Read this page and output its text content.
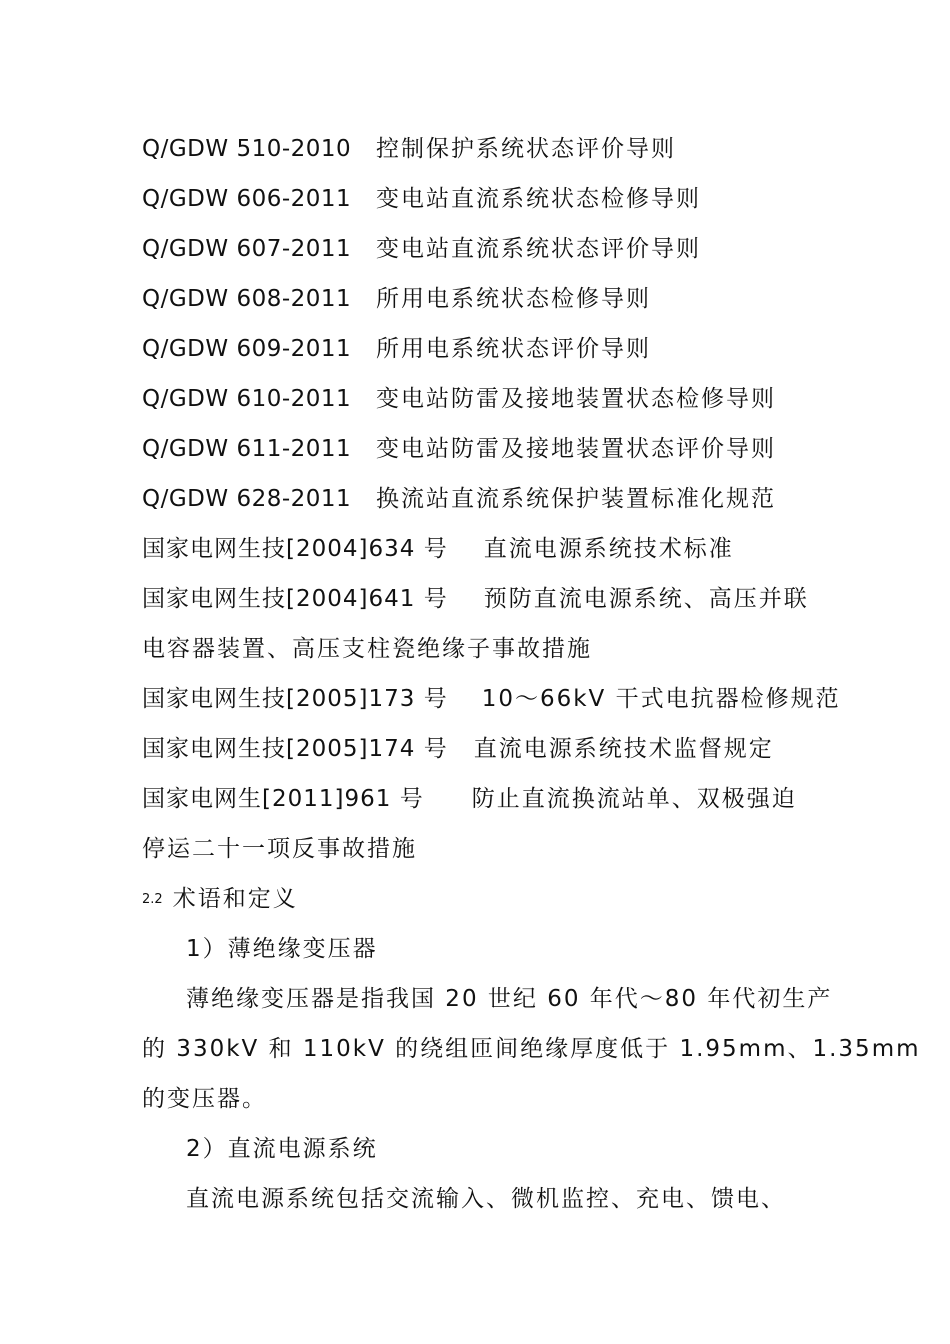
Q/GDW 510-2010 控制保护系统状态评价导则
Q/GDW 606-2011 变电站直流系统状态检修导则
Q/GDW 607-2011 变电站直流系统状态评价导则
Q/GDW 608-2011 所用电系统状态检修导则
Q/GDW 609-2011 所用电系统状态评价导则
Q/GDW 610-2011 变电站防雷及接地装置状态检修导则
Q/GDW 611-2011 变电站防雷及接地装置状态评价导则
Q/GDW 628-2011 换流站直流系统保护装置标准化规范
国家电网生技[2004]634 号 直流电源系统技术标准
国家电网生技[2004]641 号 预防直流电源系统、高压并联
电容器装置、高压支柱瓷绝缘子事故措施
国家电网生技[2005]173 号 10～66kV 干式电抗器检修规范
国家电网生技[2005]174 号 直流电源系统技术监督规定
国家电网生[2011]961 号 防止直流换流站单、双极强迫
停运二十一项反事故措施
2.2 术语和定义
1）薄绝缘变压器
薄绝缘变压器是指我国 20 世纪 60 年代～80 年代初生产
的 330kV 和 110kV 的绕组匝间绝缘厚度低于 1.95mm、1.35mm
的变压器。
2）直流电源系统
直流电源系统包括交流输入、微机监控、充电、馈电、
